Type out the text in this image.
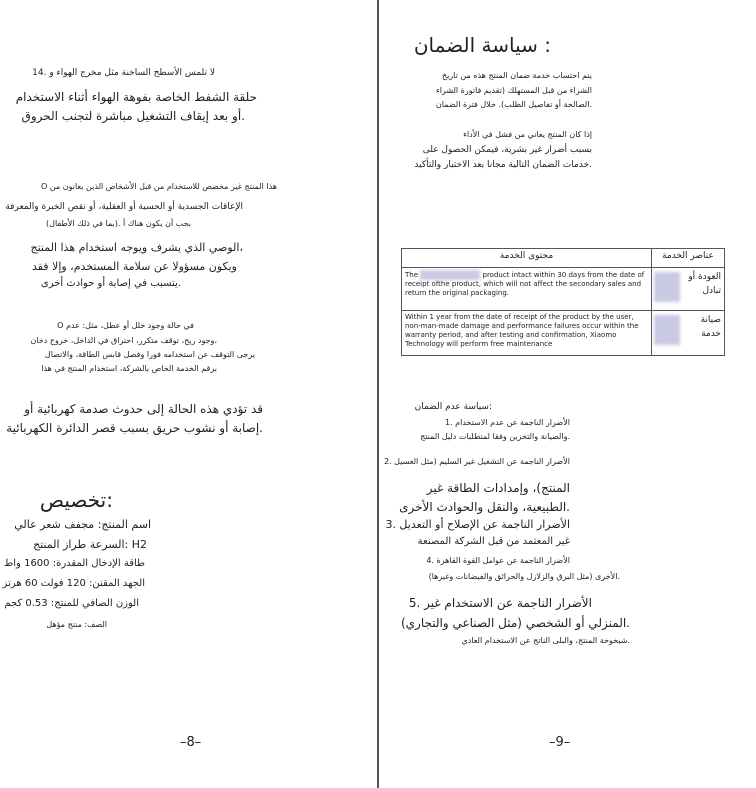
لا تلمس الأسطح الساخنة مثل مخرج الهواء و .14
حلقة الشفط الخاصة بفوهة الهواء أثناء الاستخدام
.أو بعد إيقاف التشغيل مباشرة لتجنب الحروق
هذا المنتج غير مخصص للاستخدام من قبل الأشخاص الذين يعانون من O
الإعاقات الجسدية أو الحسية أو العقلية، أو نقص الخبرة والمعرفة
بجب أن يكون هناك أ .(بما في ذلك الأطفال)
،الوصي الذي يشرف ويوجه استخدام هذا المنتج
ويكون مسؤولا عن سلامة المستخدم، وإلا فقد
.يتسبب في إصابة أو حوادث أخرى
في حالة وجود خلل أو عطل، مثل: عدم O
،وجود ريح، توقف متكرر، احتراق في الداخل، خروج دخان
يرجى التوقف عن استخدامه فورا وفصل قابس الطاقة، والاتصال
برقم الخدمة الخاص بالشركة، استخدام المنتج في هذا
قد تؤدي هذه الحالة إلى حدوث صدمة كهربائية أو
.إصابة أو نشوب حريق بسبب قصر الدائرة الكهربائية
:تخصيص
اسم المنتج: مجفف شعر عالي
H2 :السرعة طراز المنتج
طاقة الإدخال المقدرة: 1600 واط
الجهد المقنن: 120 فولت 60 هرتز
الوزن الصافي للمنتج: 0.53 كجم
الصف: منتج مؤهل
–8–
: سياسة الضمان
يتم احتساب خدمة ضمان المنتج هذه من تاريخ
الشراء من قبل المستهلك (تقديم فاتورة الشراء
.الصالحة أو تفاصيل الطلب). خلال فترة الضمان
إذا كان المنتج يعاني من فشل في الأداء
بسبب أضرار غير بشرية، فيمكن الحصول على
.خدمات الضمان التالية مجانا بعد الاختبار والتأكيد
محتوى الخدمة	عناصر الخدمة
The product intact within 30 days from the date of receipt ofthe product, which will not affect the secondary sales and return the original packaging.	العودة أو
تبادل

Within 1 year from the date of receipt of the product by the user, non-man-made damage and performance failures occur within the warranty period, and after testing and confirmation, Xiaomo Technology will perform free maintenance	صيانة
خدمة
:سياسة عدم الضمان
الأضرار الناجمة عن عدم الاستخدام .1
.والصيانة والتخزين وفقا لمتطلبات دليل المنتج
الأضرار الناجمة عن التشغيل غير السليم (مثل الغسيل .2
المنتج)، وإمدادات الطاقة غير
.الطبيعية، والنقل والحوادث الأخرى
الأضرار الناجمة عن الإصلاح أو التعديل .3
غير المعتمد من قبل الشركة المصنعة
الأضرار الناجمة عن عوامل القوة القاهرة .4
.الأخرى (مثل البرق والزلازل والحرائق والفيضانات وغيرها)
الأضرار الناجمة عن الاستخدام غير .5
.المنزلي أو الشخصي (مثل الصناعي والتجاري)
.شيخوخة المنتج، والبلى الناتج عن الاستخدام العادي
–9–
